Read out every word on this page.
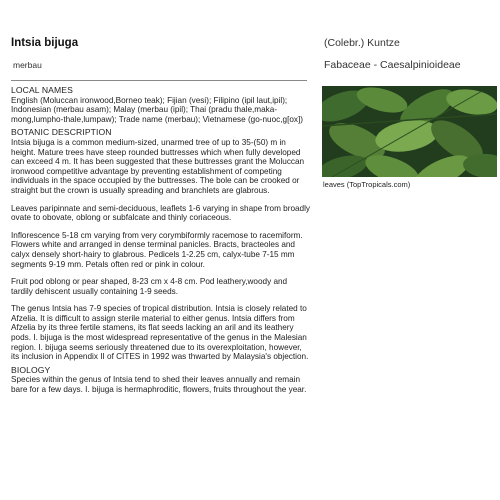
Intsia bijuga
merbau
(Colebr.) Kuntze
Fabaceae - Caesalpinioideae
leaves (TopTropicals.com)
LOCAL NAMES

English (Moluccan ironwood,Borneo teak); Fijian (vesi); Filipino (ipil laut,ipil); Indonesian (merbau asam); Malay (merbau (ipil); Thai (pradu thale,maka-mong,lumpho-thale,lumpaw); Trade name (merbau); Vietnamese (go-nuoc,g[ox])

BOTANIC DESCRIPTION

Intsia bijuga is a common medium-sized, unarmed tree of up to 35-(50) m in height. Mature trees have steep rounded buttresses which when fully developed can exceed 4 m. It has been suggested that these buttresses grant the Moluccan ironwood competitive advantage by preventing establishment of competing individuals in the space occupied by the buttresses. The bole can be crooked or straight but the crown is usually spreading and branchlets are glabrous.

Leaves paripinnate and semi-deciduous, leaflets 1-6 varying in shape from broadly ovate to obovate, oblong or subfalcate and thinly coriaceous.

Inflorescence 5-18 cm varying from very corymbiformly racemose to racemiform. Flowers white and arranged in dense terminal panicles. Bracts, bracteoles and calyx densely short-hairy to glabrous. Pedicels 1-2.25 cm, calyx-tube 7-15 mm segments 9-19 mm. Petals often red or pink in colour.

Fruit pod oblong or pear shaped, 8-23 cm x 4-8 cm. Pod leathery,woody and tardily dehiscent usually containing 1-9 seeds.

The genus Intsia has 7-9 species of tropical distribution. Intsia is closely related to Afzelia. It is difficult to assign sterile material to either genus. Intsia differs from Afzelia by its three fertile stamens, its flat seeds lacking an aril and its leathery pods. I. bijuga is the most widespread representative of the genus in the Malesian region. I. bijuga seems seriously threatened due to its overexploitation, however, its inclusion in Appendix II of CITES in 1992 was thwarted by Malaysia's objection.

BIOLOGY

Species within the genus of Intsia tend to shed their leaves annually and remain bare for a few days. I. bijuga is hermaphroditic, flowers, fruits throughout the year.
